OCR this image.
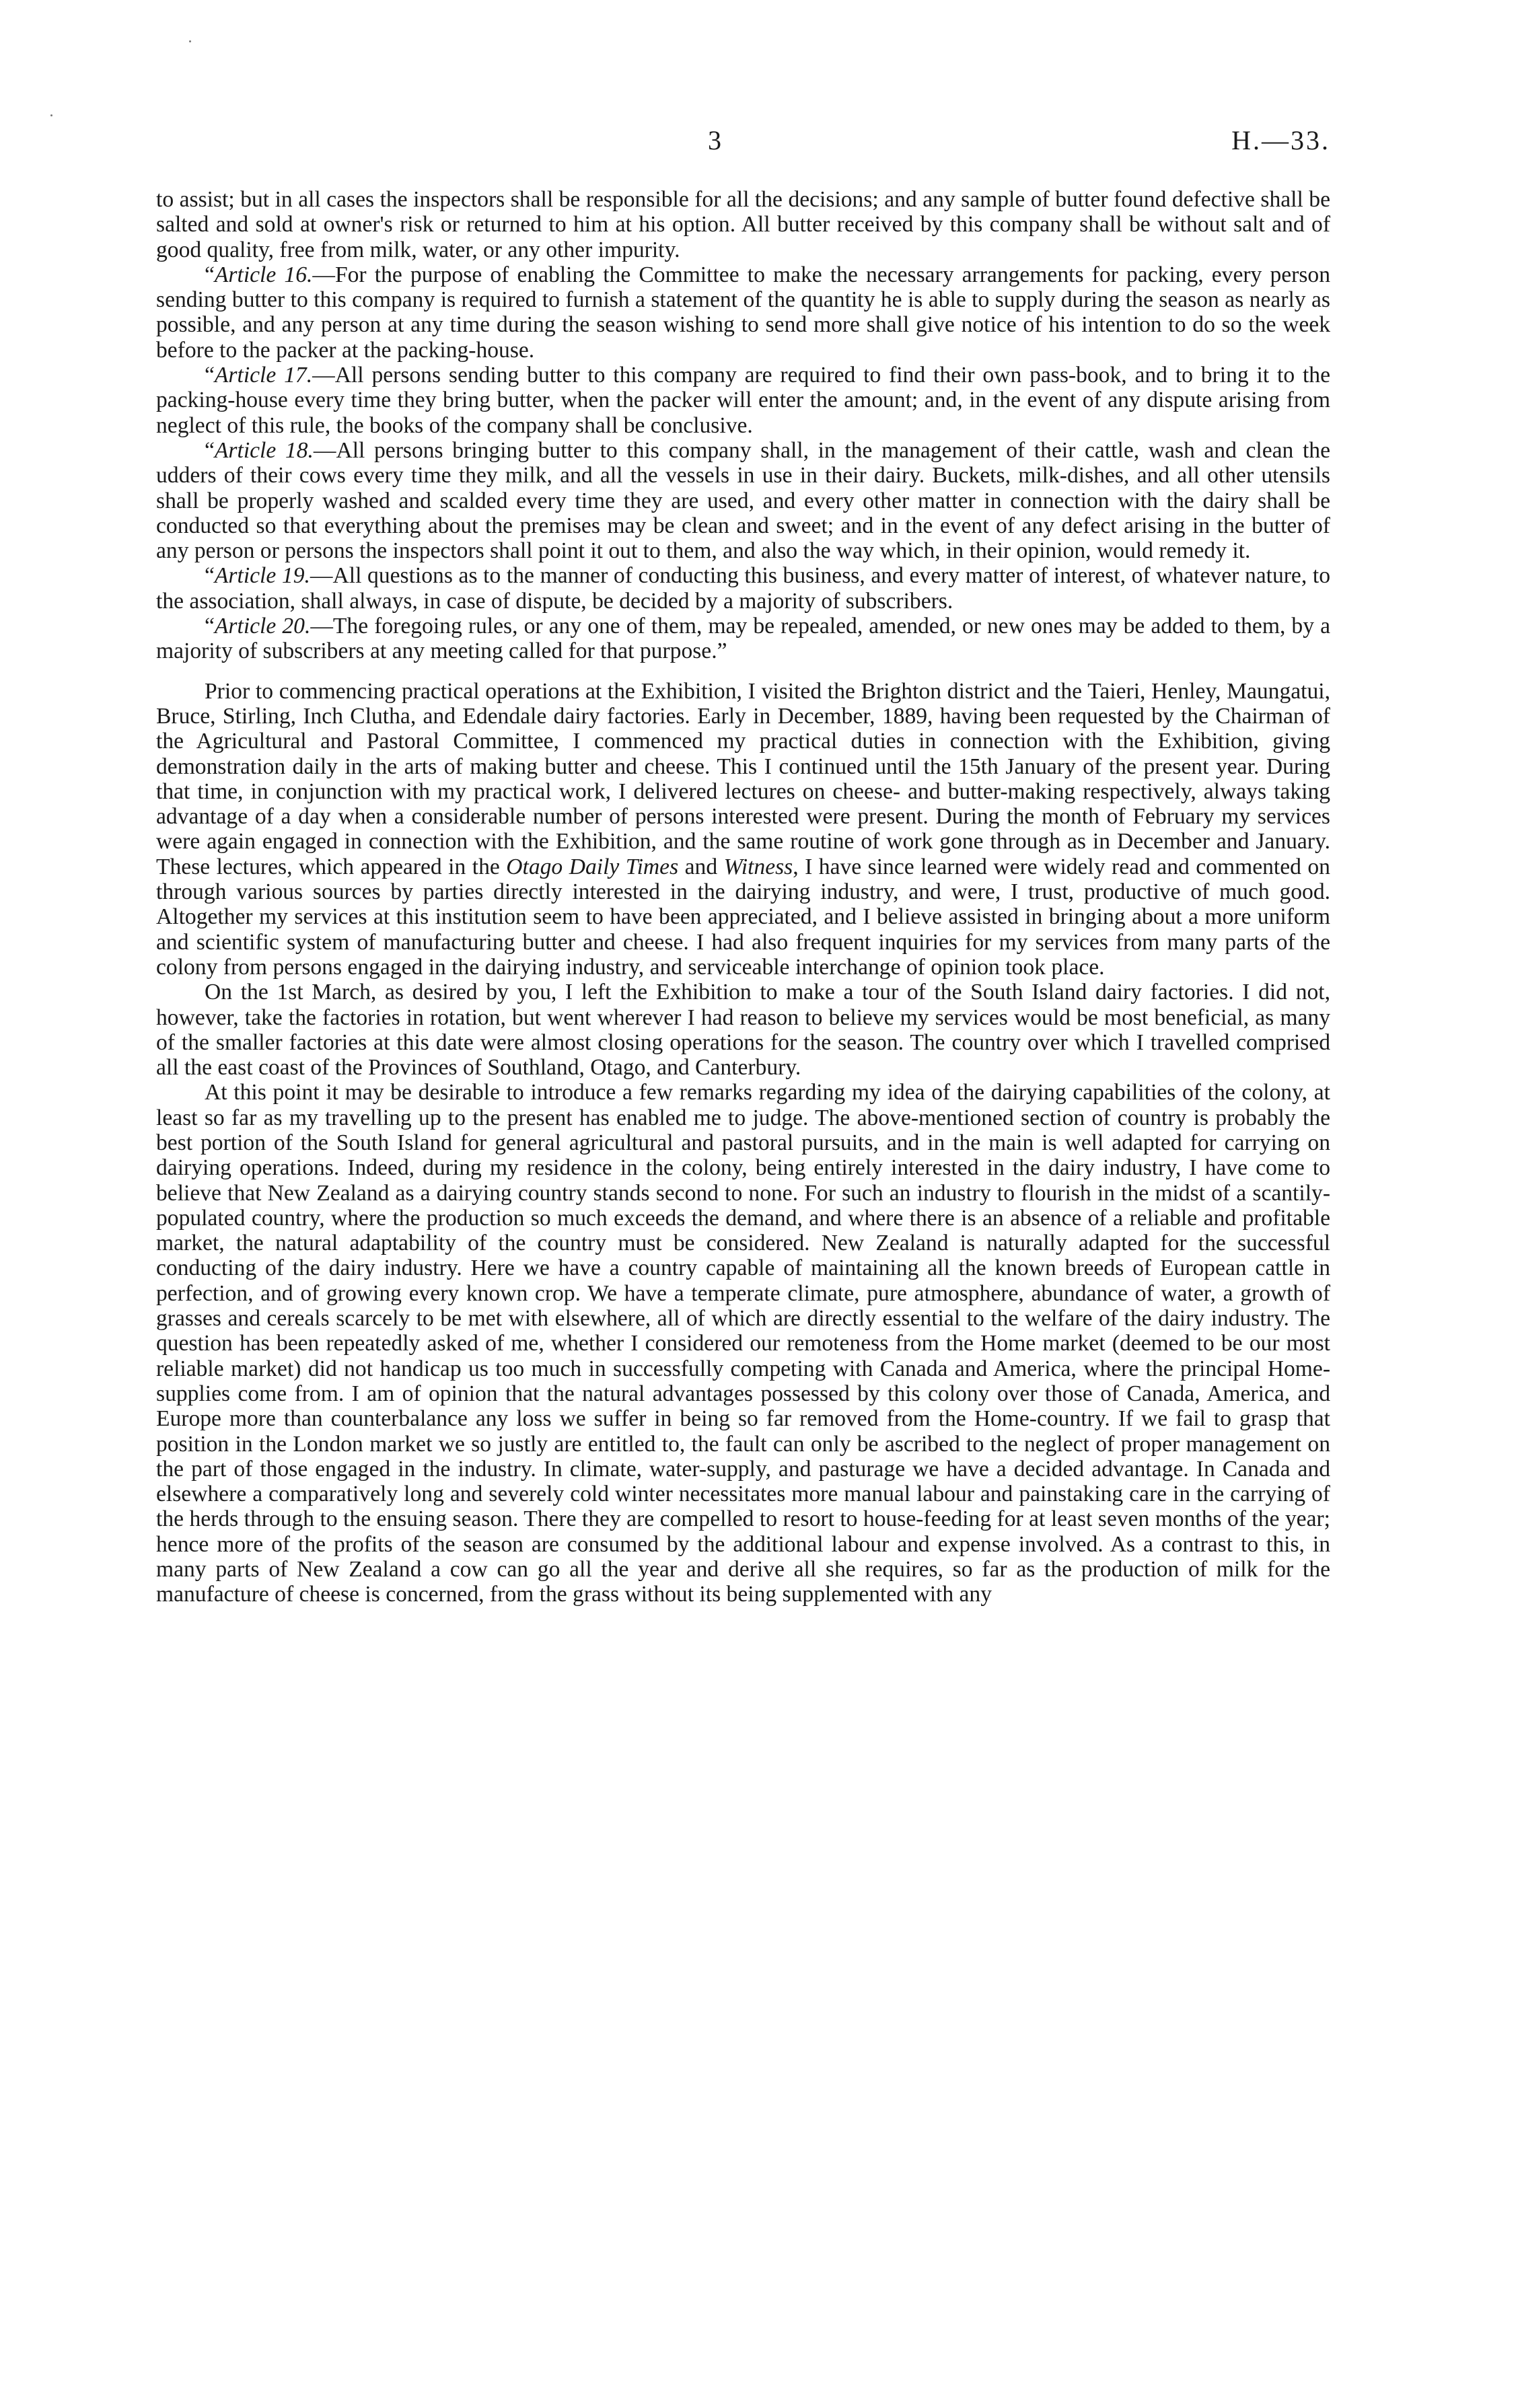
3	H.—33.

to assist; but in all cases the inspectors shall be responsible for all the decisions; and any sample of butter found defective shall be salted and sold at owner's risk or returned to him at his option. All butter received by this company shall be without salt and of good quality, free from milk, water, or any other impurity.

“Article 16.—For the purpose of enabling the Committee to make the necessary arrangements for packing, every person sending butter to this company is required to furnish a statement of the quantity he is able to supply during the season as nearly as possible, and any person at any time during the season wishing to send more shall give notice of his intention to do so the week before to the packer at the packing-house.

“Article 17.—All persons sending butter to this company are required to find their own pass-book, and to bring it to the packing-house every time they bring butter, when the packer will enter the amount; and, in the event of any dispute arising from neglect of this rule, the books of the company shall be conclusive.

“Article 18.—All persons bringing butter to this company shall, in the management of their cattle, wash and clean the udders of their cows every time they milk, and all the vessels in use in their dairy. Buckets, milk-dishes, and all other utensils shall be properly washed and scalded every time they are used, and every other matter in connection with the dairy shall be conducted so that everything about the premises may be clean and sweet; and in the event of any defect arising in the butter of any person or persons the inspectors shall point it out to them, and also the way which, in their opinion, would remedy it.

“Article 19.—All questions as to the manner of conducting this business, and every matter of interest, of whatever nature, to the association, shall always, in case of dispute, be decided by a majority of subscribers.

“Article 20.—The foregoing rules, or any one of them, may be repealed, amended, or new ones may be added to them, by a majority of subscribers at any meeting called for that purpose.”

Prior to commencing practical operations at the Exhibition, I visited the Brighton district and the Taieri, Henley, Maungatui, Bruce, Stirling, Inch Clutha, and Edendale dairy factories. Early in December, 1889, having been requested by the Chairman of the Agricultural and Pastoral Committee, I commenced my practical duties in connection with the Exhibition, giving demonstration daily in the arts of making butter and cheese. This I continued until the 15th January of the present year. During that time, in conjunction with my practical work, I delivered lectures on cheese- and butter-making respectively, always taking advantage of a day when a considerable number of persons interested were present. During the month of February my services were again engaged in connection with the Exhibition, and the same routine of work gone through as in December and January. These lectures, which appeared in the Otago Daily Times and Witness, I have since learned were widely read and commented on through various sources by parties directly interested in the dairying industry, and were, I trust, productive of much good. Altogether my services at this institution seem to have been appreciated, and I believe assisted in bringing about a more uniform and scientific system of manufacturing butter and cheese. I had also frequent inquiries for my services from many parts of the colony from persons engaged in the dairying industry, and serviceable interchange of opinion took place.

On the 1st March, as desired by you, I left the Exhibition to make a tour of the South Island dairy factories. I did not, however, take the factories in rotation, but went wherever I had reason to believe my services would be most beneficial, as many of the smaller factories at this date were almost closing operations for the season. The country over which I travelled comprised all the east coast of the Provinces of Southland, Otago, and Canterbury.

At this point it may be desirable to introduce a few remarks regarding my idea of the dairying capabilities of the colony, at least so far as my travelling up to the present has enabled me to judge. The above-mentioned section of country is probably the best portion of the South Island for general agricultural and pastoral pursuits, and in the main is well adapted for carrying on dairying operations. Indeed, during my residence in the colony, being entirely interested in the dairy industry, I have come to believe that New Zealand as a dairying country stands second to none. For such an industry to flourish in the midst of a scantily-populated country, where the production so much exceeds the demand, and where there is an absence of a reliable and profitable market, the natural adaptability of the country must be considered. New Zealand is naturally adapted for the successful conducting of the dairy industry. Here we have a country capable of maintaining all the known breeds of European cattle in perfection, and of growing every known crop. We have a temperate climate, pure atmosphere, abundance of water, a growth of grasses and cereals scarcely to be met with elsewhere, all of which are directly essential to the welfare of the dairy industry. The question has been repeatedly asked of me, whether I considered our remoteness from the Home market (deemed to be our most reliable market) did not handicap us too much in successfully competing with Canada and America, where the principal Home-supplies come from. I am of opinion that the natural advantages possessed by this colony over those of Canada, America, and Europe more than counterbalance any loss we suffer in being so far removed from the Home-country. If we fail to grasp that position in the London market we so justly are entitled to, the fault can only be ascribed to the neglect of proper management on the part of those engaged in the industry. In climate, water-supply, and pasturage we have a decided advantage. In Canada and elsewhere a comparatively long and severely cold winter necessitates more manual labour and painstaking care in the carrying of the herds through to the ensuing season. There they are compelled to resort to house-feeding for at least seven months of the year; hence more of the profits of the season are consumed by the additional labour and expense involved. As a contrast to this, in many parts of New Zealand a cow can go all the year and derive all she requires, so far as the production of milk for the manufacture of cheese is concerned, from the grass without its being supplemented with any
